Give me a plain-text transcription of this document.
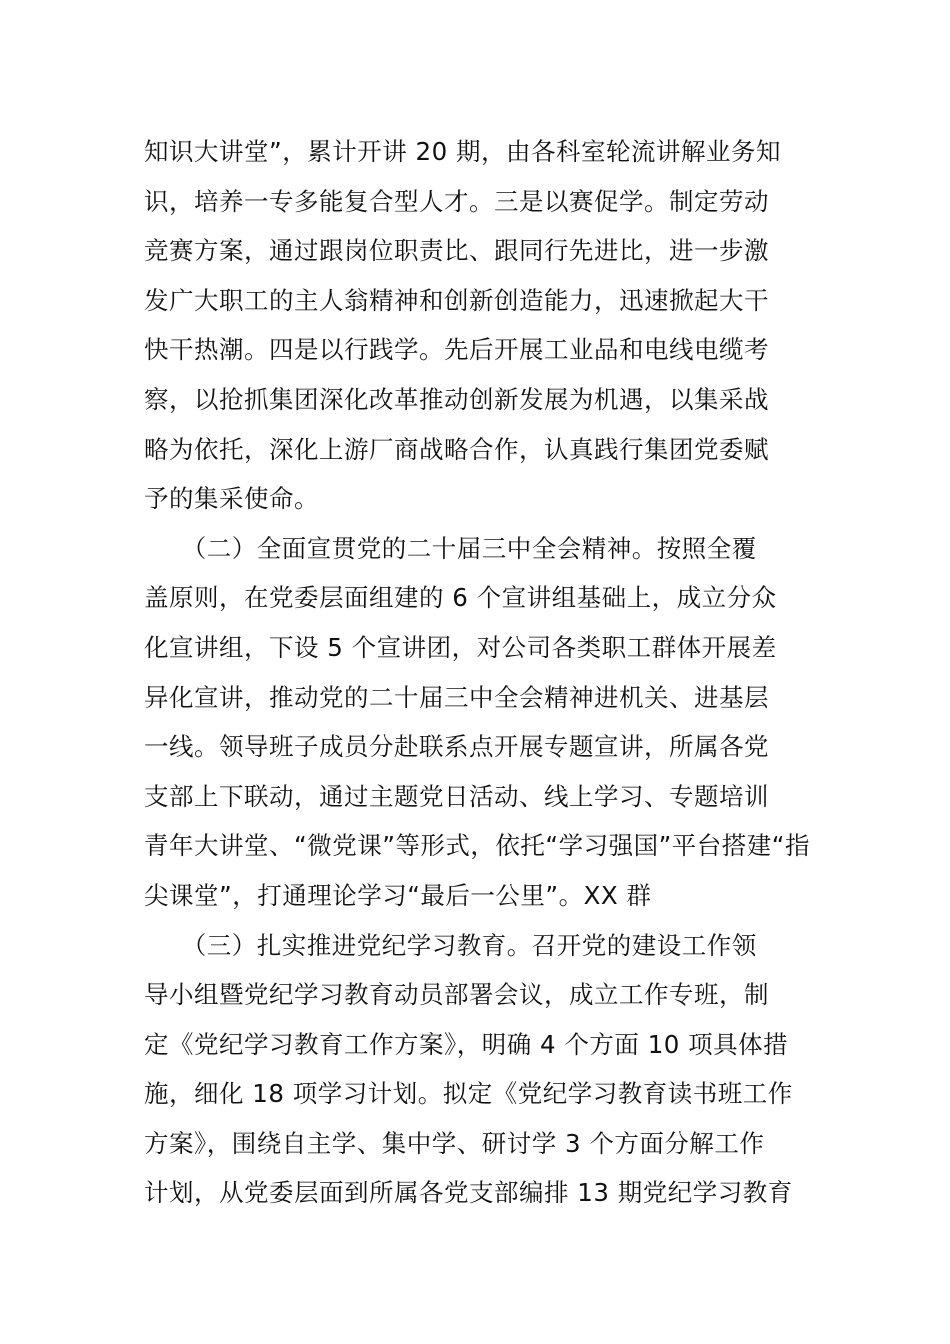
知识大讲堂”，累计开讲 20 期，由各科室轮流讲解业务知
识，培养一专多能复合型人才。三是以赛促学。制定劳动
竞赛方案，通过跟岗位职责比、跟同行先进比，进一步激
发广大职工的主人翁精神和创新创造能力，迅速掀起大干
快干热潮。四是以行践学。先后开展工业品和电线电缆考
察，以抢抓集团深化改革推动创新发展为机遇，以集采战
略为依托，深化上游厂商战略合作，认真践行集团党委赋
予的集采使命。
　　（二）全面宣贯党的二十届三中全会精神。按照全覆
盖原则，在党委层面组建的 6 个宣讲组基础上，成立分众
化宣讲组，下设 5 个宣讲团，对公司各类职工群体开展差
异化宣讲，推动党的二十届三中全会精神进机关、进基层
一线。领导班子成员分赴联系点开展专题宣讲，所属各党
支部上下联动，通过主题党日活动、线上学习、专题培训
青年大讲堂、“微党课”等形式，依托“学习强国”平台搭建“指
尖课堂”，打通理论学习“最后一公里”。XX 群
　　（三）扎实推进党纪学习教育。召开党的建设工作领
导小组暨党纪学习教育动员部署会议，成立工作专班，制
定《党纪学习教育工作方案》，明确 4 个方面 10 项具体措
施，细化 18 项学习计划。拟定《党纪学习教育读书班工作
方案》，围绕自主学、集中学、研讨学 3 个方面分解工作
计划，从党委层面到所属各党支部编排 13 期党纪学习教育
